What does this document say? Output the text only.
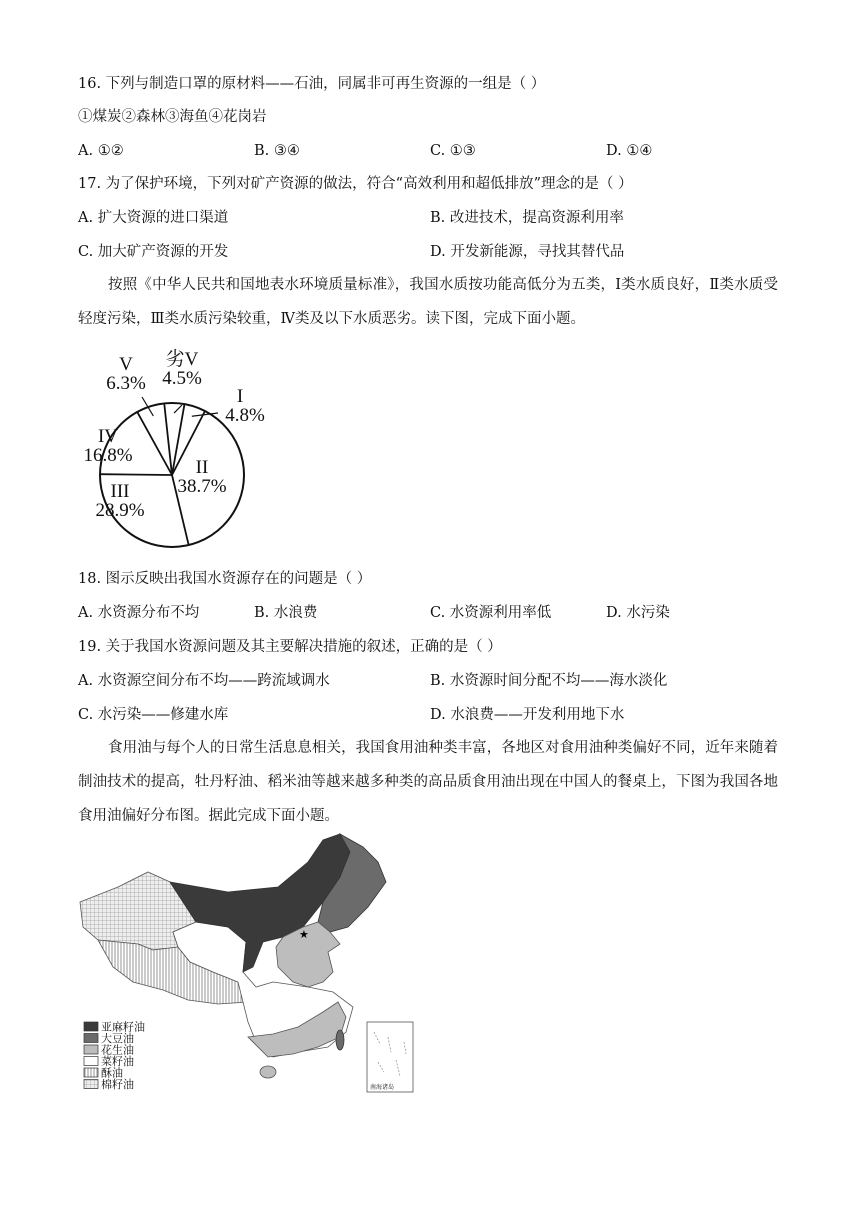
16. 下列与制造口罩的原材料——石油，同属非可再生资源的一组是（ ）
①煤炭②森林③海鱼④花岗岩
A. ①②	B. ③④	C. ①③	D. ①④
17. 为了保护环境，下列对矿产资源的做法，符合“高效利用和超低排放”理念的是（ ）
A. 扩大资源的进口渠道	B. 改进技术，提高资源利用率
C. 加大矿产资源的开发	D. 开发新能源，寻找其替代品
按照《中华人民共和国地表水环境质量标准》，我国水质按功能高低分为五类，Ⅰ类水质良好，Ⅱ类水质受轻度污染，Ⅲ类水质污染较重，Ⅳ类及以下水质恶劣。读下图，完成下面小题。
I
4.8%
II
38.7%
III
28.9%
IV
16.8%
V
6.3%
劣V
4.5%
18. 图示反映出我国水资源存在的问题是（ ）
A. 水资源分布不均	B. 水浪费	C. 水资源利用率低	D. 水污染
19. 关于我国水资源问题及其主要解决措施的叙述，正确的是（ ）
A. 水资源空间分布不均——跨流域调水	B. 水资源时间分配不均——海水淡化
C. 水污染——修建水库	D. 水浪费——开发利用地下水
食用油与每个人的日常生活息息相关，我国食用油种类丰富，各地区对食用油种类偏好不同，近年来随着制油技术的提高，牡丹籽油、稻米油等越来越多种类的高品质食用油出现在中国人的餐桌上，下图为我国各地食用油偏好分布图。据此完成下面小题。
★
南海诸岛
亚麻籽油
大豆油
花生油
菜籽油
酥油
棉籽油
